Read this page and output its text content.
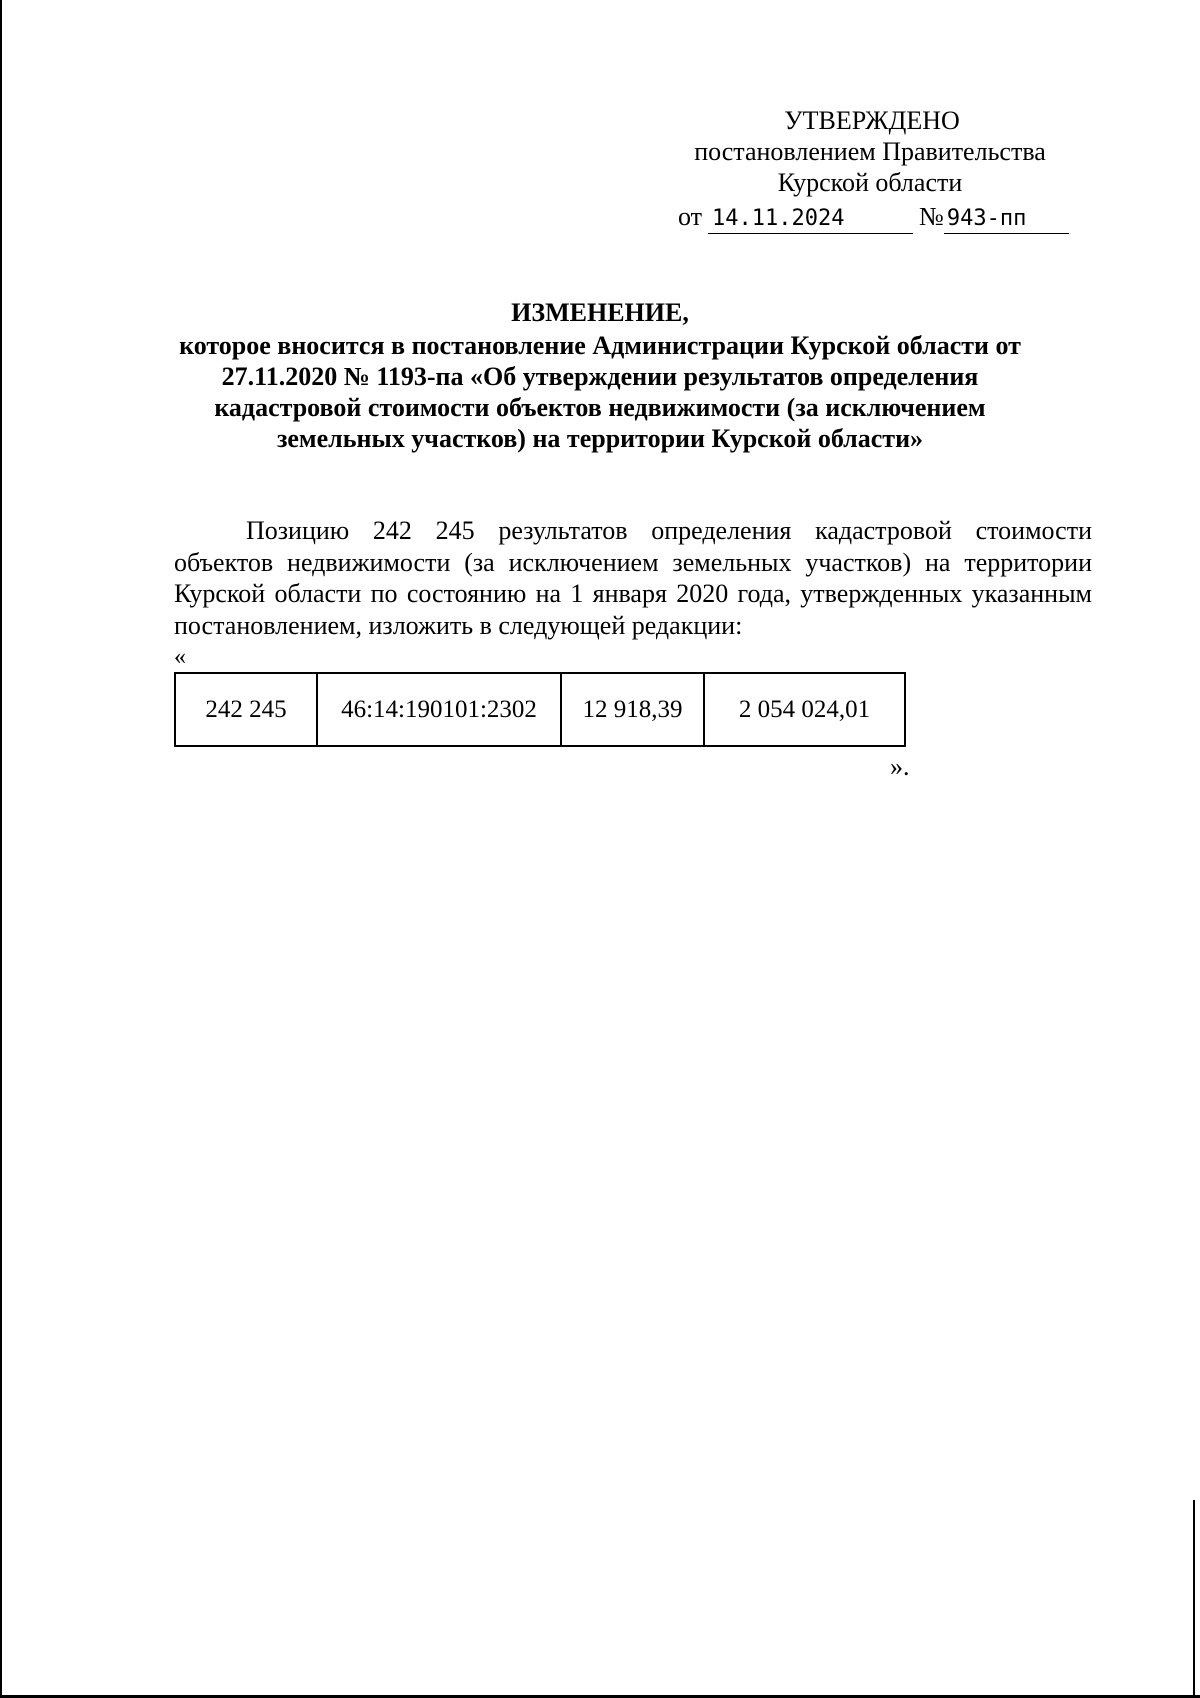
УТВЕРЖДЕНО
постановлением Правительства
Курской области
от 14.11.2024	№ 943-пп
ИЗМЕНЕНИЕ,
которое вносится в постановление Администрации Курской области от
27.11.2020 № 1193-па «Об утверждении результатов определения
кадастровой стоимости объектов недвижимости (за исключением
земельных участков) на территории Курской области»
Позицию 242 245 результатов определения кадастровой стоимости объектов недвижимости (за исключением земельных участков) на территории Курской области по состоянию на 1 января 2020 года, утвержденных указанным постановлением, изложить в следующей редакции:
«
242 245	46:14:190101:2302	12 918,39	2 054 024,01
».
